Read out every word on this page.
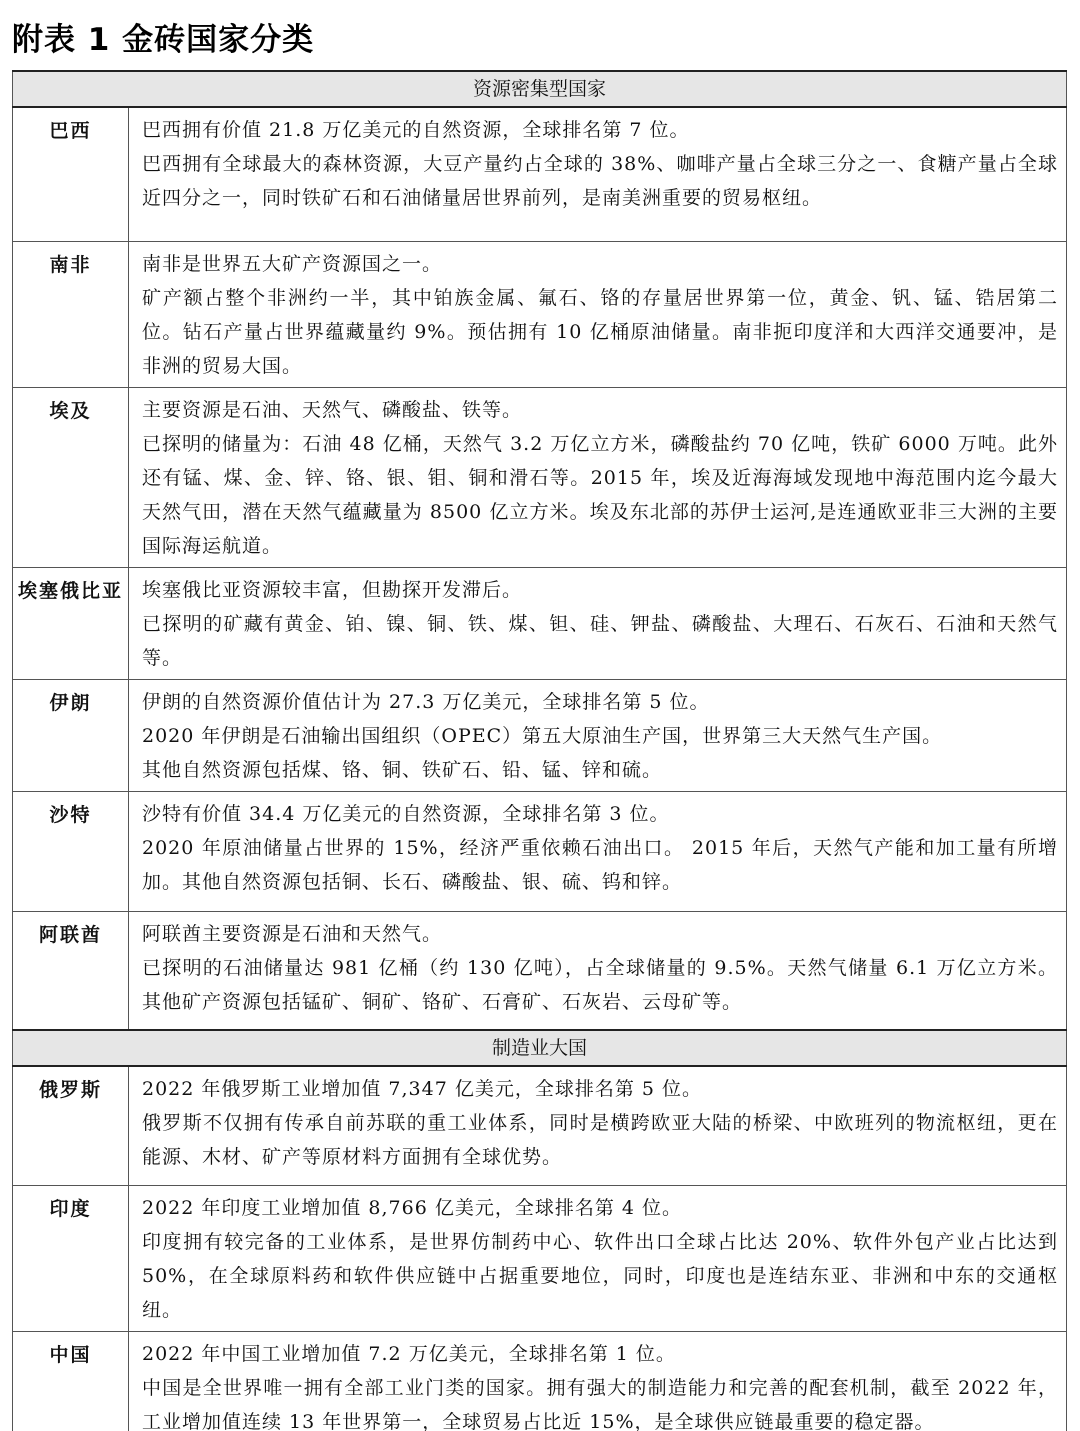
附表 1 金砖国家分类
资源密集型国家	
巴西	巴西拥有价值 21.8 万亿美元的自然资源，全球排名第 7 位。

巴西拥有全球最大的森林资源，大豆产量约占全球的 38%、咖啡产量占全球三分之一、食糖产量占全球近四分之一，同时铁矿石和石油储量居世界前列，是南美洲重要的贸易枢纽。

南非	南非是世界五大矿产资源国之一。

矿产额占整个非洲约一半，其中铂族金属、氟石、铬的存量居世界第一位，黄金、钒、锰、锆居第二位。钻石产量占世界蕴藏量约 9%。预估拥有 10 亿桶原油储量。南非扼印度洋和大西洋交通要冲，是非洲的贸易大国。

埃及	主要资源是石油、天然气、磷酸盐、铁等。

已探明的储量为：石油 48 亿桶，天然气 3.2 万亿立方米，磷酸盐约 70 亿吨，铁矿 6000 万吨。此外还有锰、煤、金、锌、铬、银、钼、铜和滑石等。2015 年，埃及近海海域发现地中海范围内迄今最大天然气田，潜在天然气蕴藏量为 8500 亿立方米。埃及东北部的苏伊士运河,是连通欧亚非三大洲的主要国际海运航道。

埃塞俄比亚	埃塞俄比亚资源较丰富，但勘探开发滞后。

已探明的矿藏有黄金、铂、镍、铜、铁、煤、钽、硅、钾盐、磷酸盐、大理石、石灰石、石油和天然气等。

伊朗	伊朗的自然资源价值估计为 27.3 万亿美元，全球排名第 5 位。

2020 年伊朗是石油输出国组织（OPEC）第五大原油生产国，世界第三大天然气生产国。

其他自然资源包括煤、铬、铜、铁矿石、铅、锰、锌和硫。

沙特	沙特有价值 34.4 万亿美元的自然资源，全球排名第 3 位。

2020 年原油储量占世界的 15%，经济严重依赖石油出口。 2015 年后，天然气产能和加工量有所增加。其他自然资源包括铜、长石、磷酸盐、银、硫、钨和锌。

阿联酋	阿联酋主要资源是石油和天然气。

已探明的石油储量达 981 亿桶（约 130 亿吨），占全球储量的 9.5%。天然气储量 6.1 万亿立方米。其他矿产资源包括锰矿、铜矿、铬矿、石膏矿、石灰岩、云母矿等。

制造业大国	
俄罗斯	2022 年俄罗斯工业增加值 7,347 亿美元，全球排名第 5 位。

俄罗斯不仅拥有传承自前苏联的重工业体系，同时是横跨欧亚大陆的桥梁、中欧班列的物流枢纽，更在能源、木材、矿产等原材料方面拥有全球优势。

印度	2022 年印度工业增加值 8,766 亿美元，全球排名第 4 位。

印度拥有较完备的工业体系，是世界仿制药中心、软件出口全球占比达 20%、软件外包产业占比达到 50%，在全球原料药和软件供应链中占据重要地位，同时，印度也是连结东亚、非洲和中东的交通枢纽。

中国	2022 年中国工业增加值 7.2 万亿美元，全球排名第 1 位。

中国是全世界唯一拥有全部工业门类的国家。拥有强大的制造能力和完善的配套机制，截至 2022 年，工业增加值连续 13 年世界第一，全球贸易占比近 15%，是全球供应链最重要的稳定器。
